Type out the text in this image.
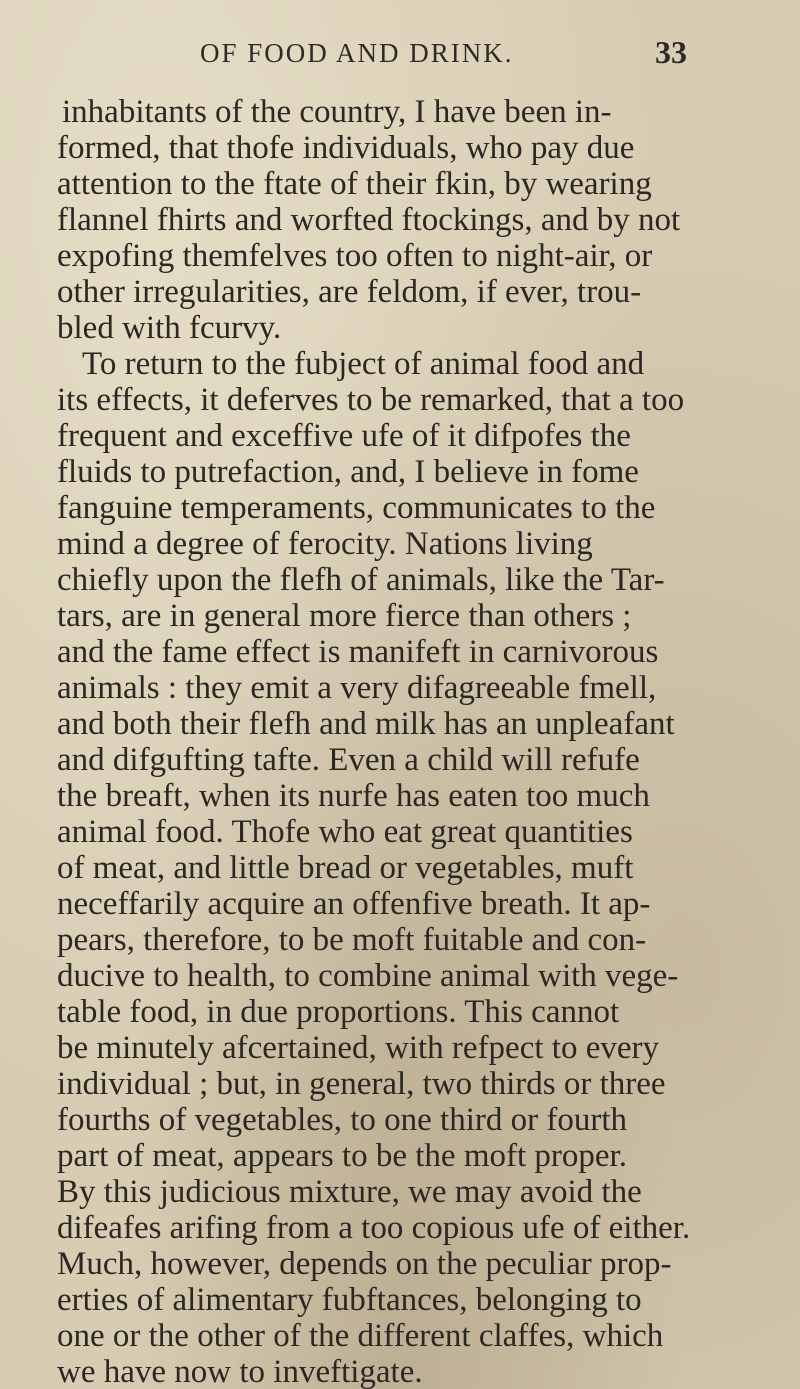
OF FOOD AND DRINK.	33
inhabitants of the country, I have been in-
formed, that thofe individuals, who pay due
attention to the ftate of their fkin, by wearing
flannel fhirts and worfted ftockings, and by not
expofing themfelves too often to night-air, or
other irregularities, are feldom, if ever, trou-
bled with fcurvy.
To return to the fubject of animal food and
its effects, it deferves to be remarked, that a too
frequent and exceffive ufe of it difpofes the
fluids to putrefaction, and, I believe in fome
fanguine temperaments, communicates to the
mind a degree of ferocity. Nations living
chiefly upon the flefh of animals, like the Tar-
tars, are in general more fierce than others ;
and the fame effect is manifeft in carnivorous
animals : they emit a very difagreeable fmell,
and both their flefh and milk has an unpleafant
and difgufting tafte. Even a child will refufe
the breaft, when its nurfe has eaten too much
animal food. Thofe who eat great quantities
of meat, and little bread or vegetables, muft
neceffarily acquire an offenfive breath. It ap-
pears, therefore, to be moft fuitable and con-
ducive to health, to combine animal with vege-
table food, in due proportions. This cannot
be minutely afcertained, with refpect to every
individual ; but, in general, two thirds or three
fourths of vegetables, to one third or fourth
part of meat, appears to be the moft proper.
By this judicious mixture, we may avoid the
difeafes arifing from a too copious ufe of either.
Much, however, depends on the peculiar prop-
erties of alimentary fubftances, belonging to
one or the other of the different claffes, which
we have now to inveftigate.
